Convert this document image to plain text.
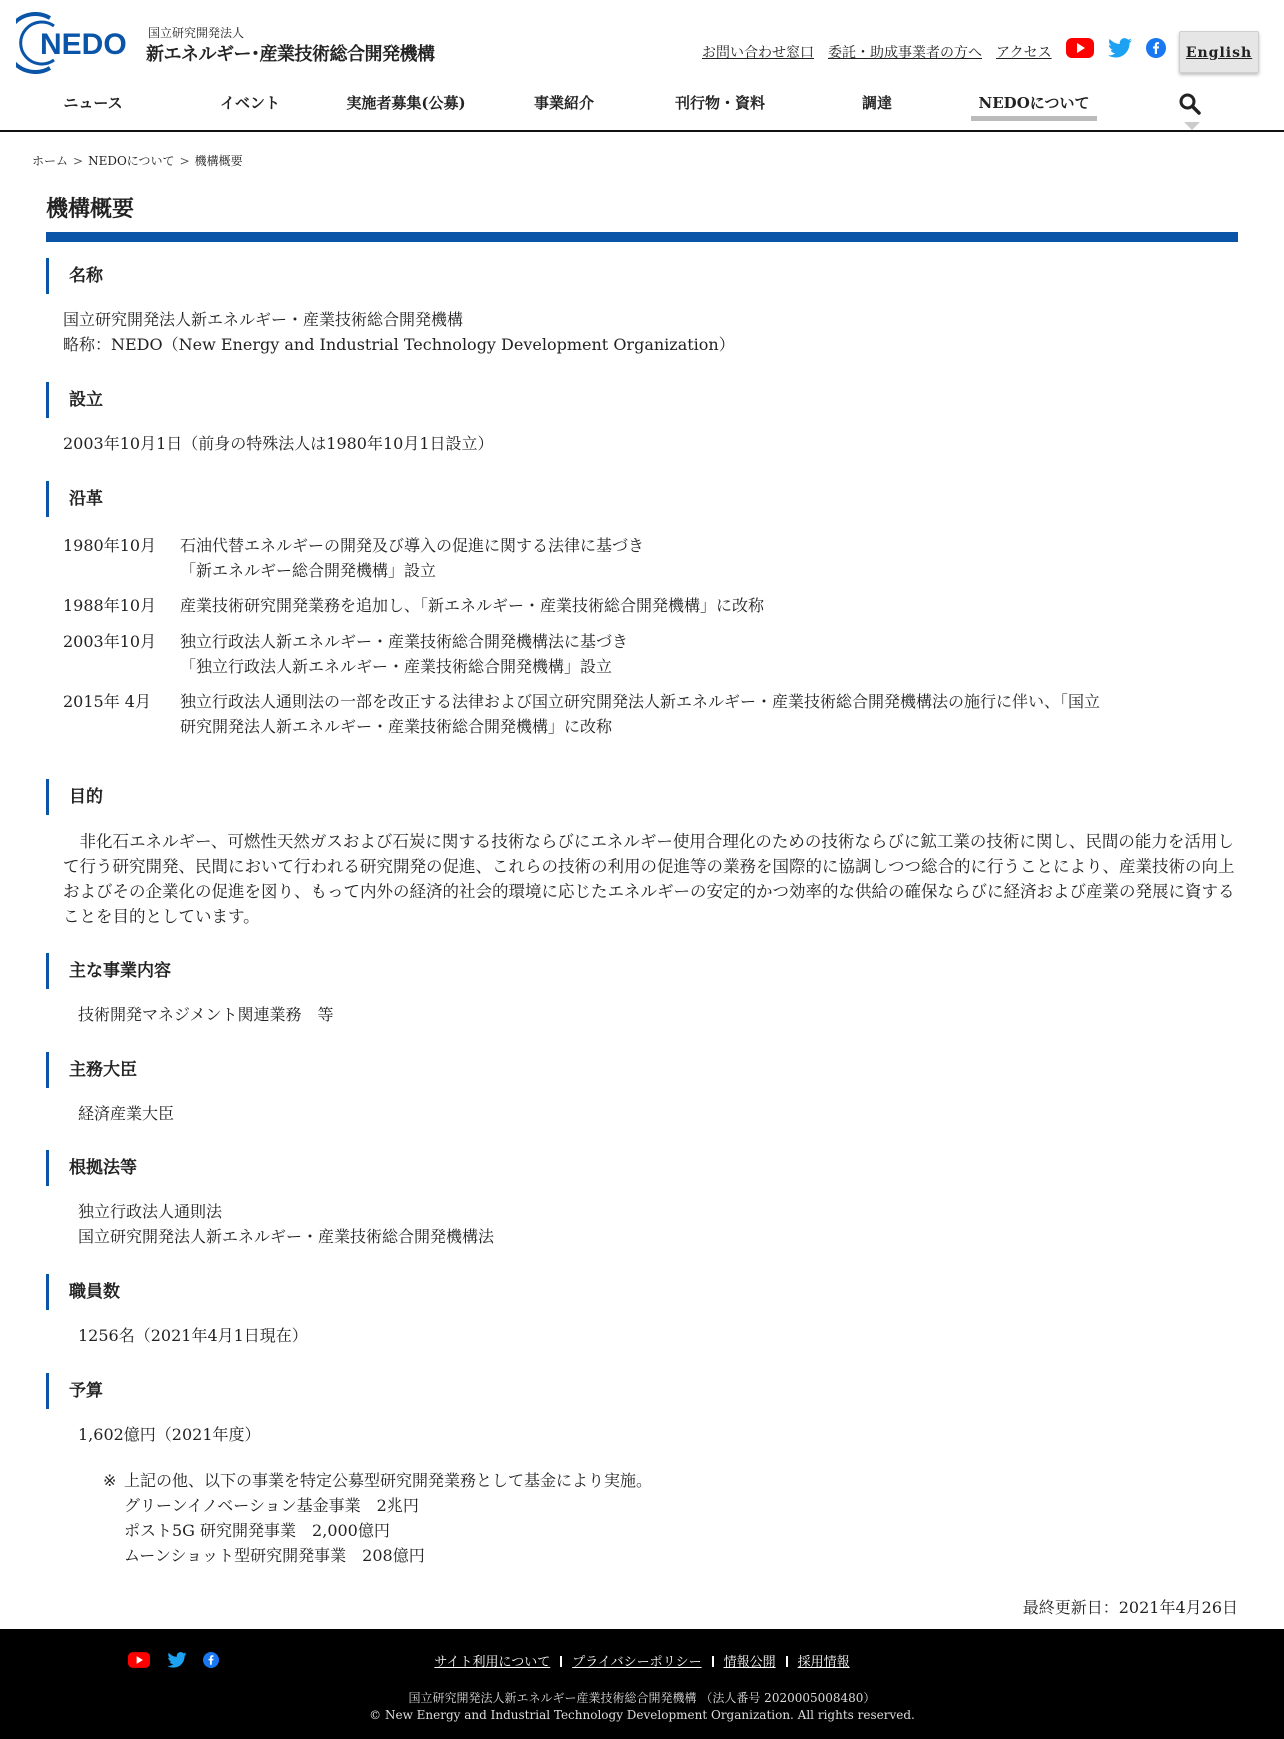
NEDO 国立研究開発法人
新エネルギー･産業技術総合開発機構	お問い合わせ窓口 委託・助成事業者の方へ アクセス	English
ニュース	イベント	実施者募集(公募)	事業紹介	刊行物・資料	調達	NEDOについて
ホーム > NEDOについて > 機構概要
機構概要
名称
国立研究開発法人新エネルギー・産業技術総合開発機構
略称：NEDO（New Energy and Industrial Technology Development Organization）
設立
2003年10月1日（前身の特殊法人は1980年10月1日設立）
沿革
1980年10月 石油代替エネルギーの開発及び導入の促進に関する法律に基づき
「新エネルギー総合開発機構」設立
1988年10月 産業技術研究開発業務を追加し、「新エネルギー・産業技術総合開発機構」に改称
2003年10月 独立行政法人新エネルギー・産業技術総合開発機構法に基づき
「独立行政法人新エネルギー・産業技術総合開発機構」設立
2015年 4月 独立行政法人通則法の一部を改正する法律および国立研究開発法人新エネルギー・産業技術総合開発機構法の施行に伴い、「国立
研究開発法人新エネルギー・産業技術総合開発機構」に改称
目的
非化石エネルギー、可燃性天然ガスおよび石炭に関する技術ならびにエネルギー使用合理化のための技術ならびに鉱工業の技術に関し、民間の能力を活用して行う研究開発、民間において行われる研究開発の促進、これらの技術の利用の促進等の業務を国際的に協調しつつ総合的に行うことにより、産業技術の向上およびその企業化の促進を図り、もって内外の経済的社会的環境に応じたエネルギーの安定的かつ効率的な供給の確保ならびに経済および産業の発展に資することを目的としています。
主な事業内容
技術開発マネジメント関連業務　等
主務大臣
経済産業大臣
根拠法等
独立行政法人通則法
国立研究開発法人新エネルギー・産業技術総合開発機構法
職員数
1256名（2021年4月1日現在）
予算
1,602億円（2021年度）
※ 上記の他、以下の事業を特定公募型研究開発業務として基金により実施。
グリーンイノベーション基金事業　2兆円
ポスト5G 研究開発事業　2,000億円
ムーンショット型研究開発事業　208億円
最終更新日：2021年4月26日
サイト利用について プライバシーポリシー 情報公開 採用情報
国立研究開発法人新エネルギー産業技術総合開発機構 （法人番号 2020005008480）
© New Energy and Industrial Technology Development Organization. All rights reserved.
